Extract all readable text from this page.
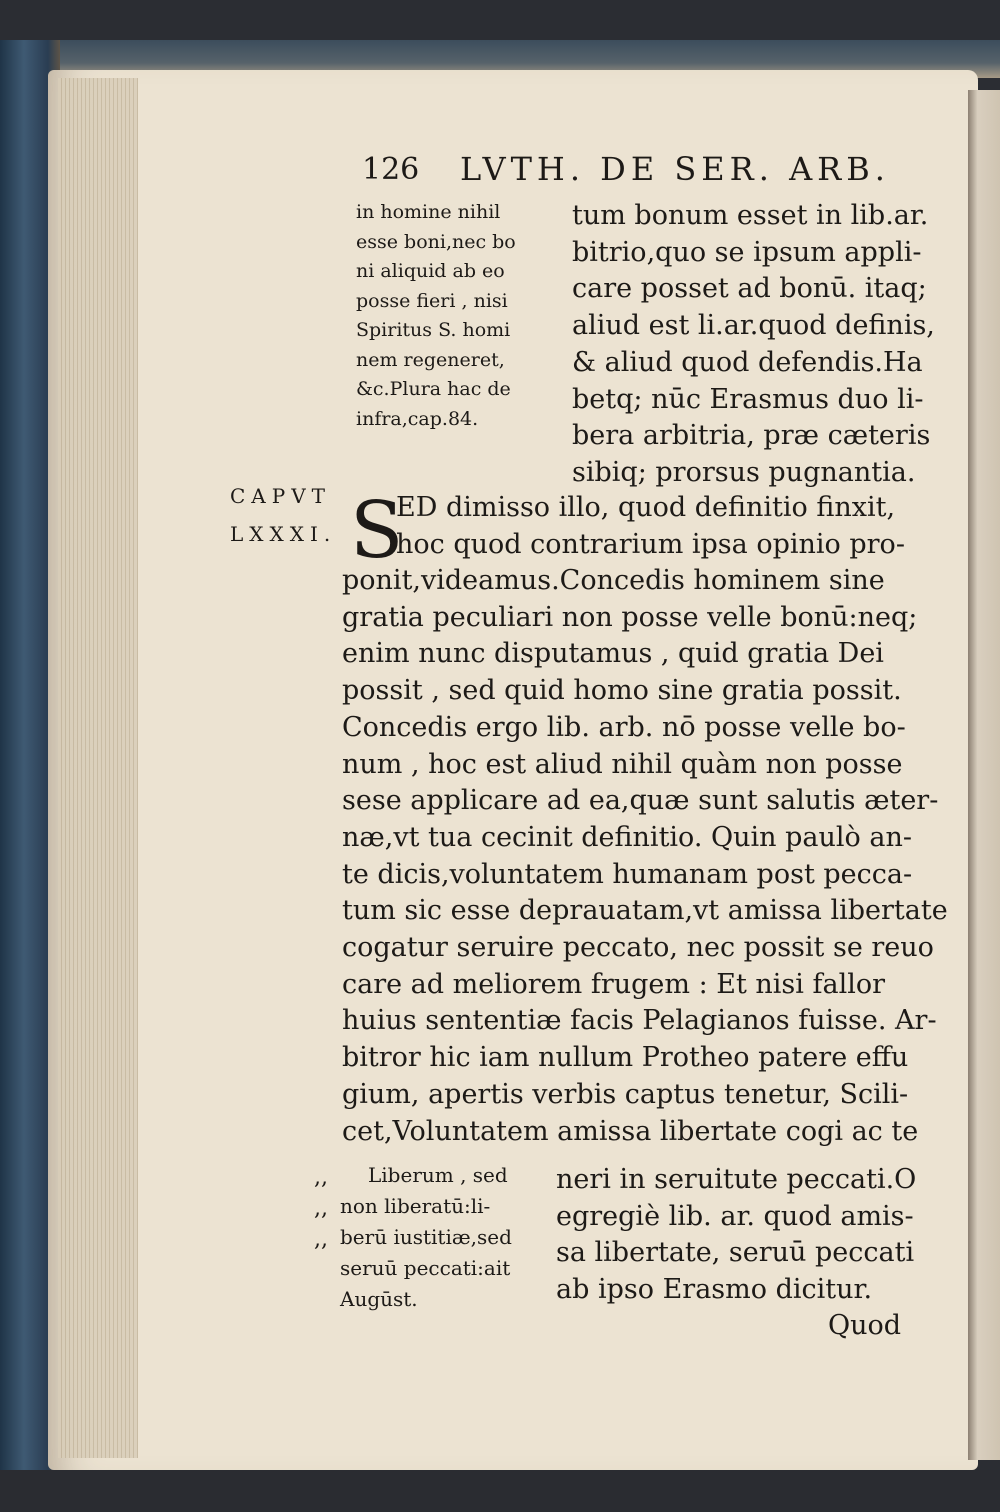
126 LVTH. DE SER. ARB.
in homine nihil
esse boni,nec bo
ni aliquid ab eo
posse fieri , nisi
Spiritus S. homi
nem regeneret,
&c.Plura hac de
infra,cap.84.
tum bonum esset in lib.ar.
bitrio,quo se ipsum appli-
care posset ad bonū. itaq;
aliud est li.ar.quod definis,
& aliud quod defendis.Ha
betq; nūc Erasmus duo li-
bera arbitria, præ cæteris
sibiq; prorsus pugnantia.
CAPVT
LXXXI. S
ED dimisso illo, quod definitio finxit,
hoc quod contrarium ipsa opinio pro-
ponit,videamus.Concedis hominem sine
gratia peculiari non posse velle bonū:neq;
enim nunc disputamus , quid gratia Dei
possit , sed quid homo sine gratia possit.
Concedis ergo lib. arb. nō posse velle bo-
num , hoc est aliud nihil quàm non posse
sese applicare ad ea,quæ sunt salutis æter-
næ,vt tua cecinit definitio. Quin paulò an-
te dicis,voluntatem humanam post pecca-
tum sic esse deprauatam,vt amissa libertate
cogatur seruire peccato, nec possit se reuo
care ad meliorem frugem : Et nisi fallor
huius sententiæ facis Pelagianos fuisse. Ar-
bitror hic iam nullum Protheo patere effu
gium, apertis verbis captus tenetur, Scili-
cet,Voluntatem amissa libertate cogi ac te
neri in seruitute peccati.O
egregiè lib. ar. quod amis-
sa libertate, seruū peccati
ab ipso Erasmo dicitur.
,,
,,
,,
Liberum , sed
non liberatū:li-
berū iustitiæ,sed
seruū peccati:ait
Augūst.
Quod
